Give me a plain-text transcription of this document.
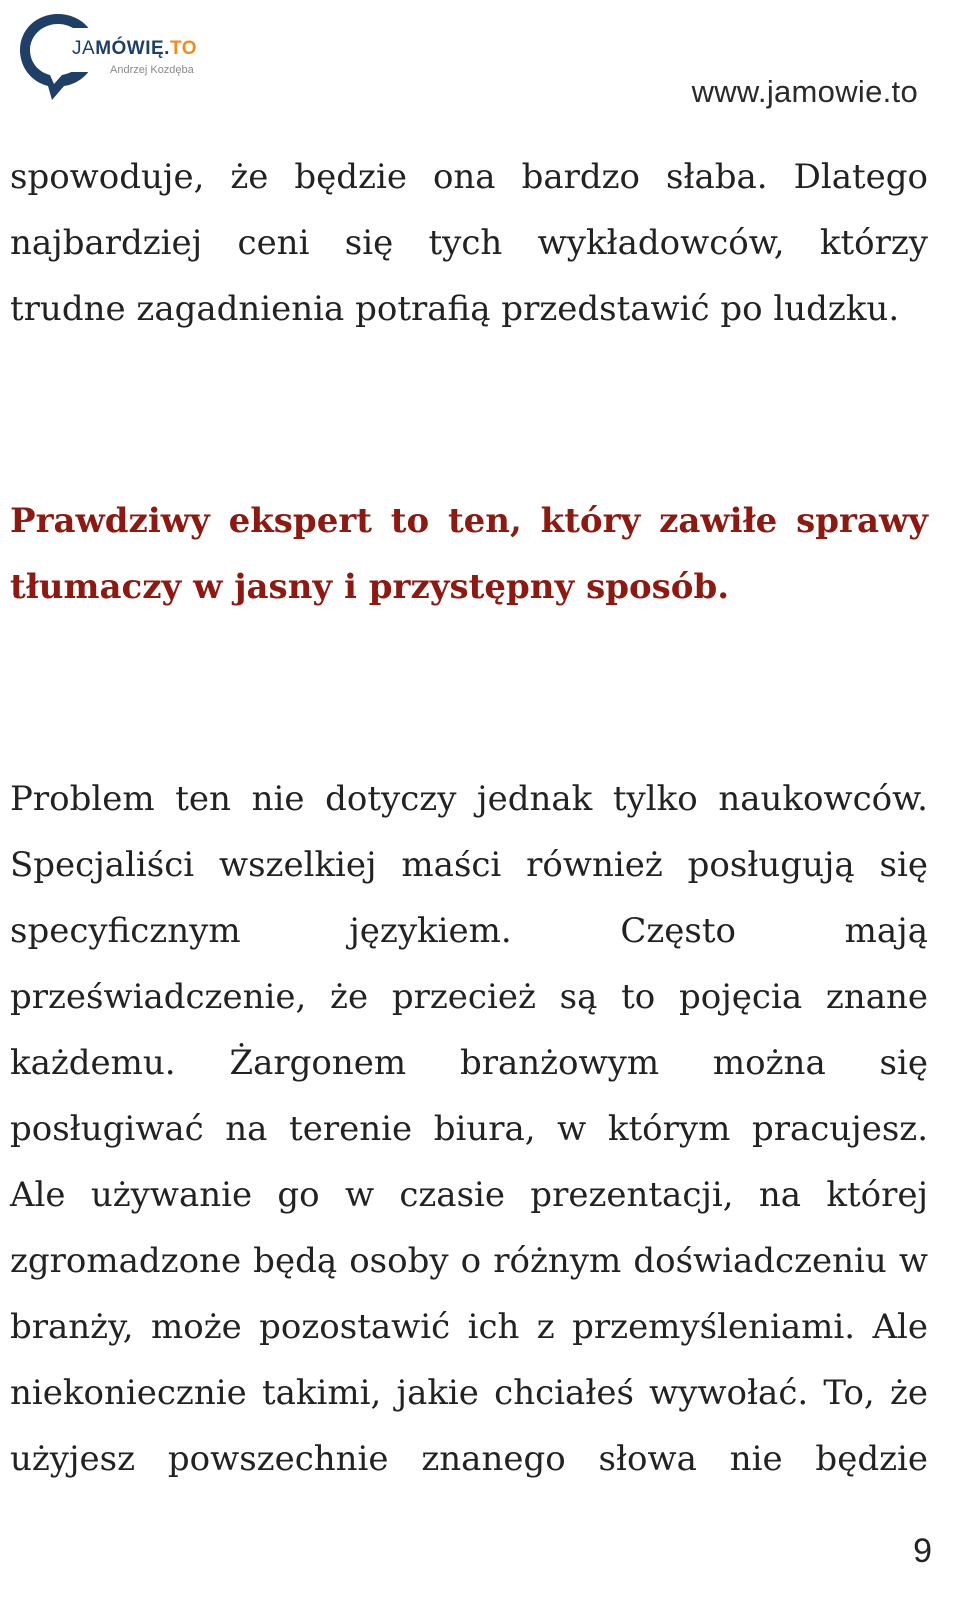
JAMÓWIĘ.TO
Andrzej Kozdęba
www.jamowie.to

spowoduje, że będzie ona bardzo słaba. Dlatego najbardziej ceni się tych wykładowców, którzy trudne zagadnienia potrafią przedstawić po ludzku.

Prawdziwy ekspert to ten, który zawiłe sprawy tłumaczy w jasny i przystępny sposób.

Problem ten nie dotyczy jednak tylko naukowców. Specjaliści wszelkiej maści również posługują się specyficznym językiem. Często mają przeświadczenie, że przecież są to pojęcia znane każdemu. Żargonem branżowym można się posługiwać na terenie biura, w którym pracujesz. Ale używanie go w czasie prezentacji, na której zgromadzone będą osoby o różnym doświadczeniu w branży, może pozostawić ich z przemyśleniami. Ale niekoniecznie takimi, jakie chciałeś wywołać. To, że użyjesz powszechnie znanego słowa nie będzie

9
